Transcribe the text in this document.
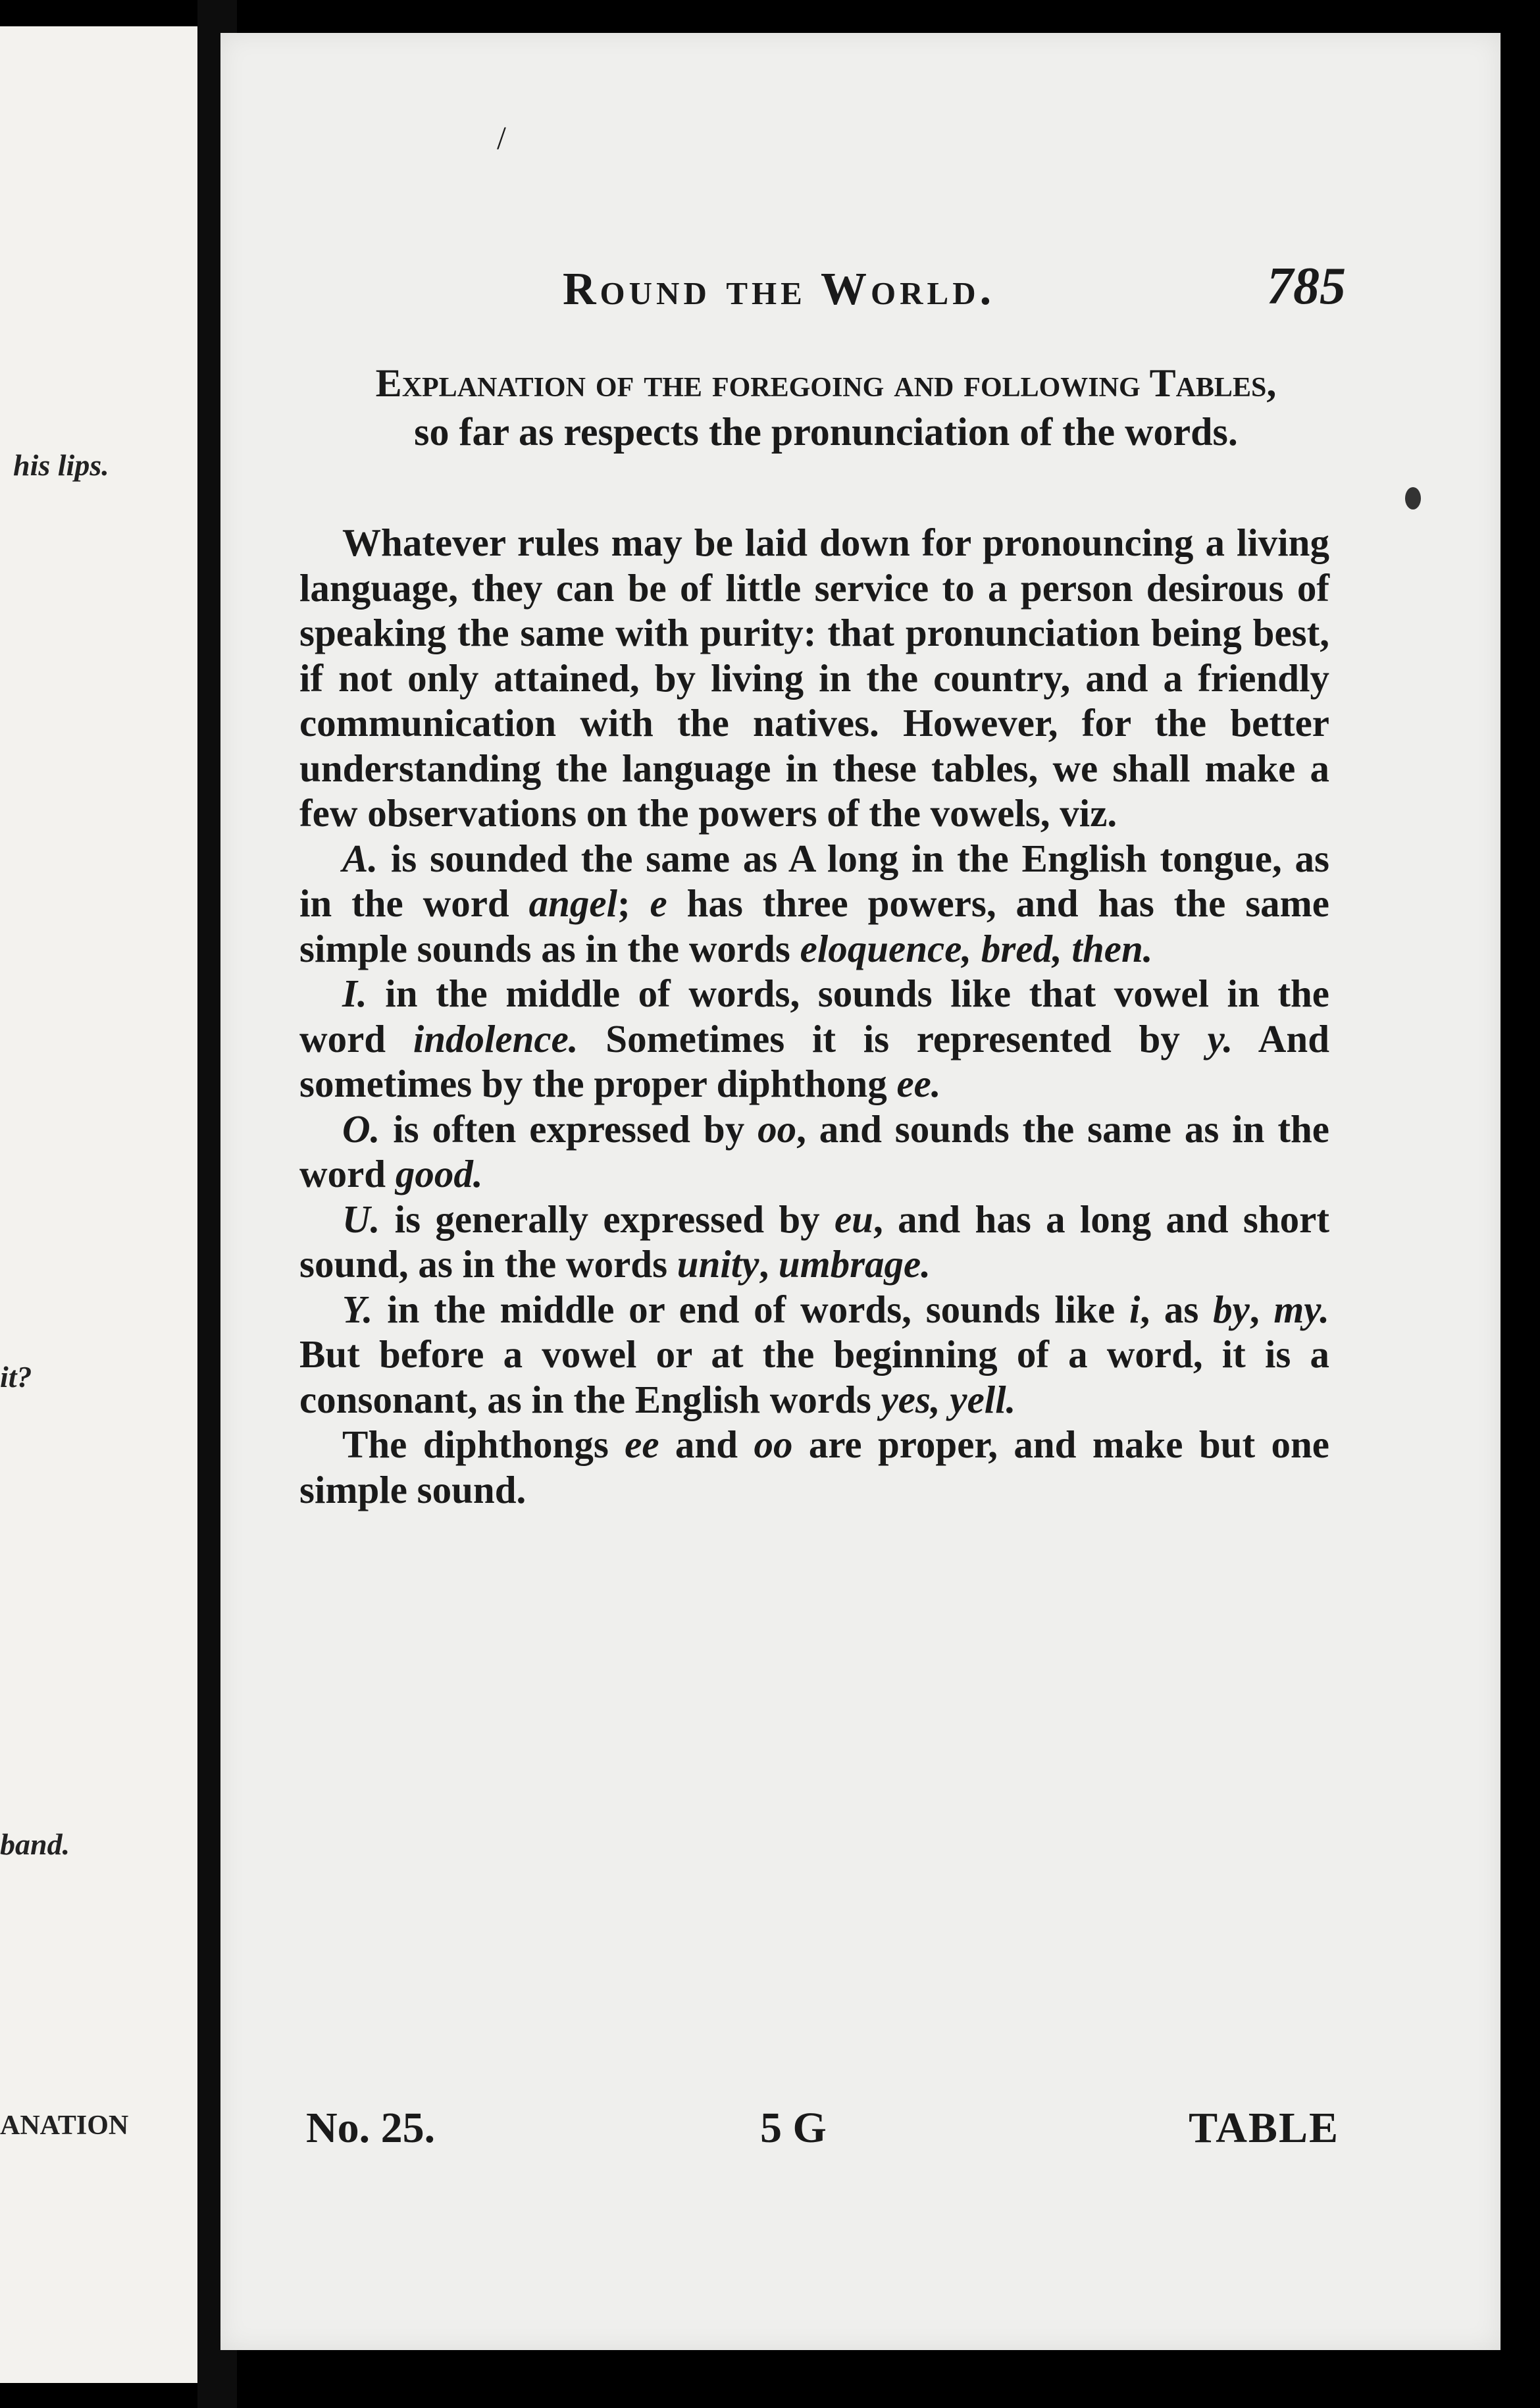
his lips.
it?
band.
ANATION
Round the World.	785
/
Explanation of the foregoing and following Tables,
so far as respects the pronunciation of the words.

Whatever rules may be laid down for pronouncing a living language, they can be of little service to a person desirous of speaking the same with purity: that pronunciation being best, if not only attained, by living in the country, and a friendly communication with the natives. However, for the better understanding the language in these tables, we shall make a few observations on the powers of the vowels, viz.

A. is sounded the same as A long in the English tongue, as in the word angel; e has three powers, and has the same simple sounds as in the words eloquence, bred, then.

I. in the middle of words, sounds like that vowel in the word indolence. Sometimes it is represented by y. And sometimes by the proper diphthong ee.

O. is often expressed by oo, and sounds the same as in the word good.

U. is generally expressed by eu, and has a long and short sound, as in the words unity, umbrage.

Y. in the middle or end of words, sounds like i, as by, my. But before a vowel or at the beginning of a word, it is a consonant, as in the English words yes, yell.

The diphthongs ee and oo are proper, and make but one simple sound.

No. 25.	5 G	TABLE
